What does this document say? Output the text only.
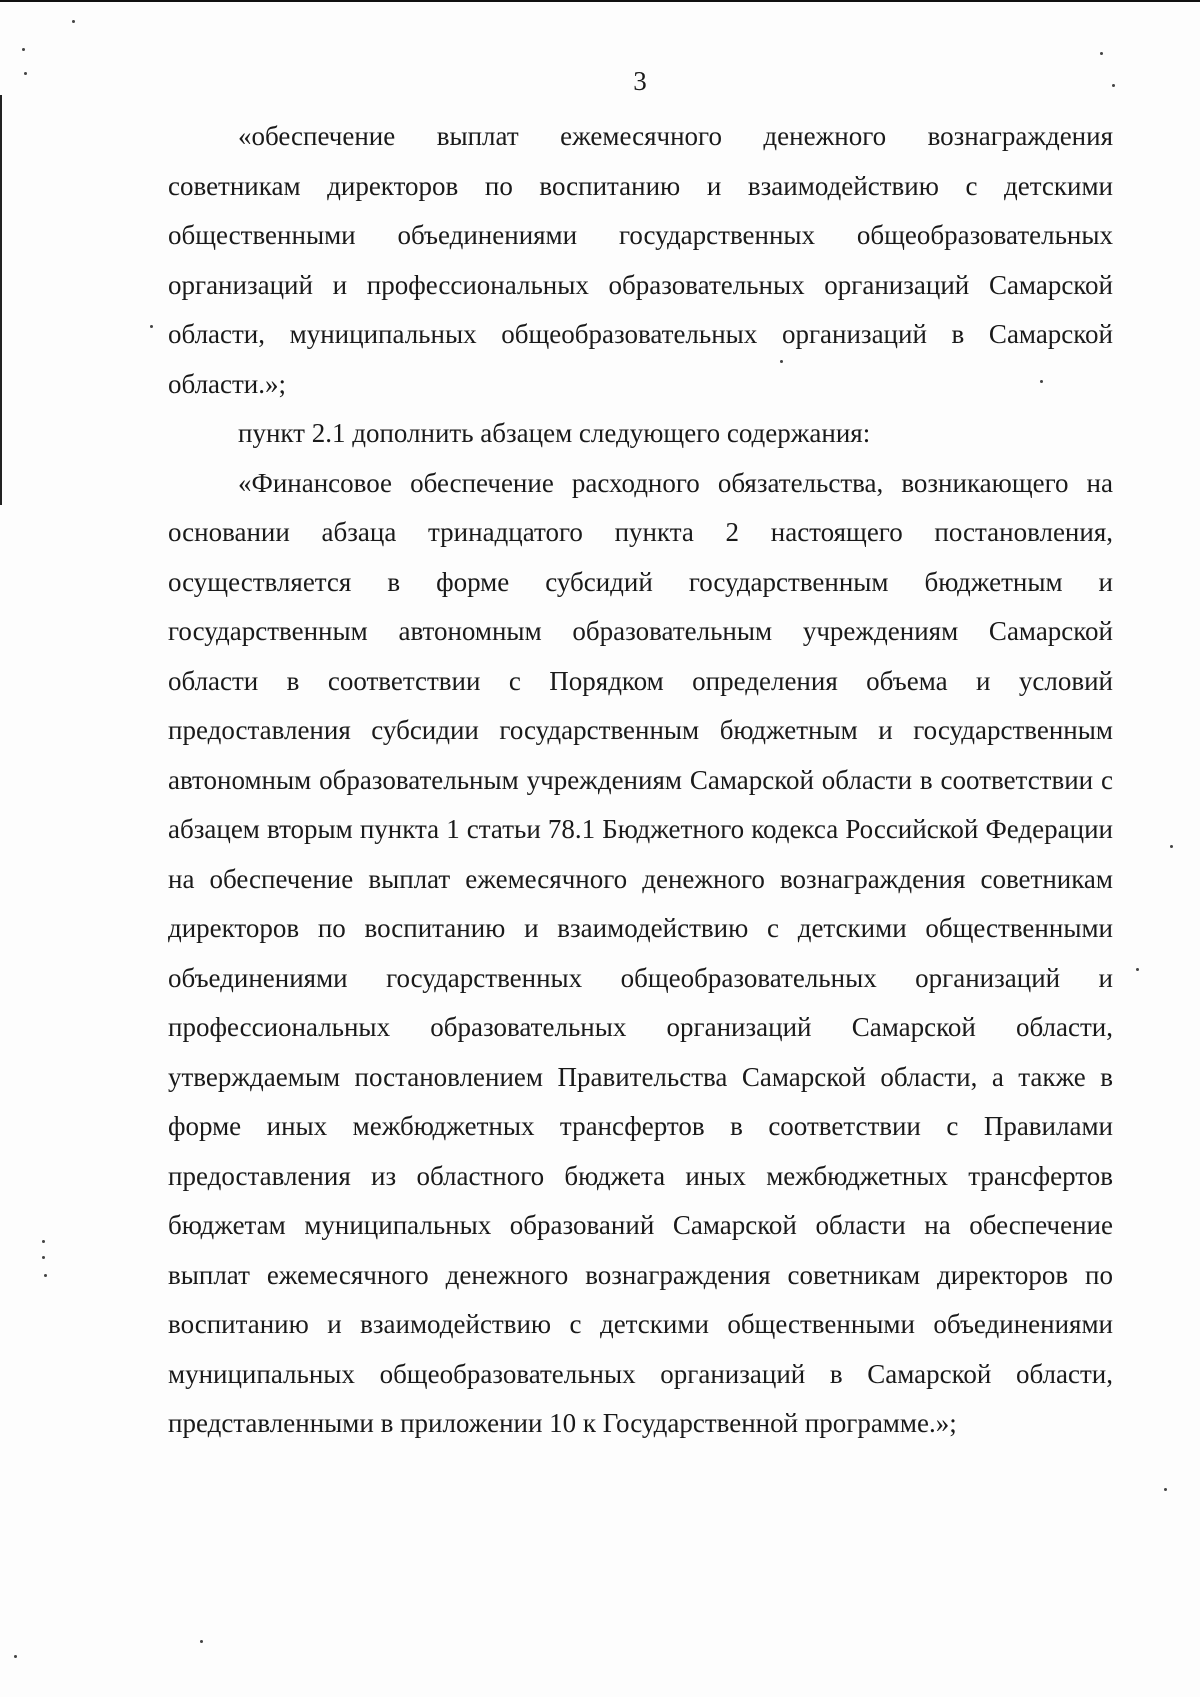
3

«обеспечение выплат ежемесячного денежного вознаграждения советникам директоров по воспитанию и взаимодействию с детскими общественными объединениями государственных общеобразовательных организаций и профессиональных образовательных организаций Самарской области, муниципальных общеобразовательных организаций в Самарской области.»;

пункт 2.1 дополнить абзацем следующего содержания:

«Финансовое обеспечение расходного обязательства, возникающего на основании абзаца тринадцатого пункта 2 настоящего постановления, осуществляется в форме субсидий государственным бюджетным и государственным автономным образовательным учреждениям Самарской области в соответствии с Порядком определения объема и условий предоставления субсидии государственным бюджетным и государственным автономным образовательным учреждениям Самарской области в соответствии с абзацем вторым пункта 1 статьи 78.1 Бюджетного кодекса Российской Федерации на обеспечение выплат ежемесячного денежного вознаграждения советникам директоров по воспитанию и взаимодействию с детскими общественными объединениями государственных общеобразовательных организаций и профессиональных образовательных организаций Самарской области, утверждаемым постановлением Правительства Самарской области, а также в форме иных межбюджетных трансфертов в соответствии с Правилами предоставления из областного бюджета иных межбюджетных трансфертов бюджетам муниципальных образований Самарской области на обеспечение выплат ежемесячного денежного вознаграждения советникам директоров по воспитанию и взаимодействию с детскими общественными объединениями муниципальных общеобразовательных организаций в Самарской области, представленными в приложении 10 к Государственной программе.»;
